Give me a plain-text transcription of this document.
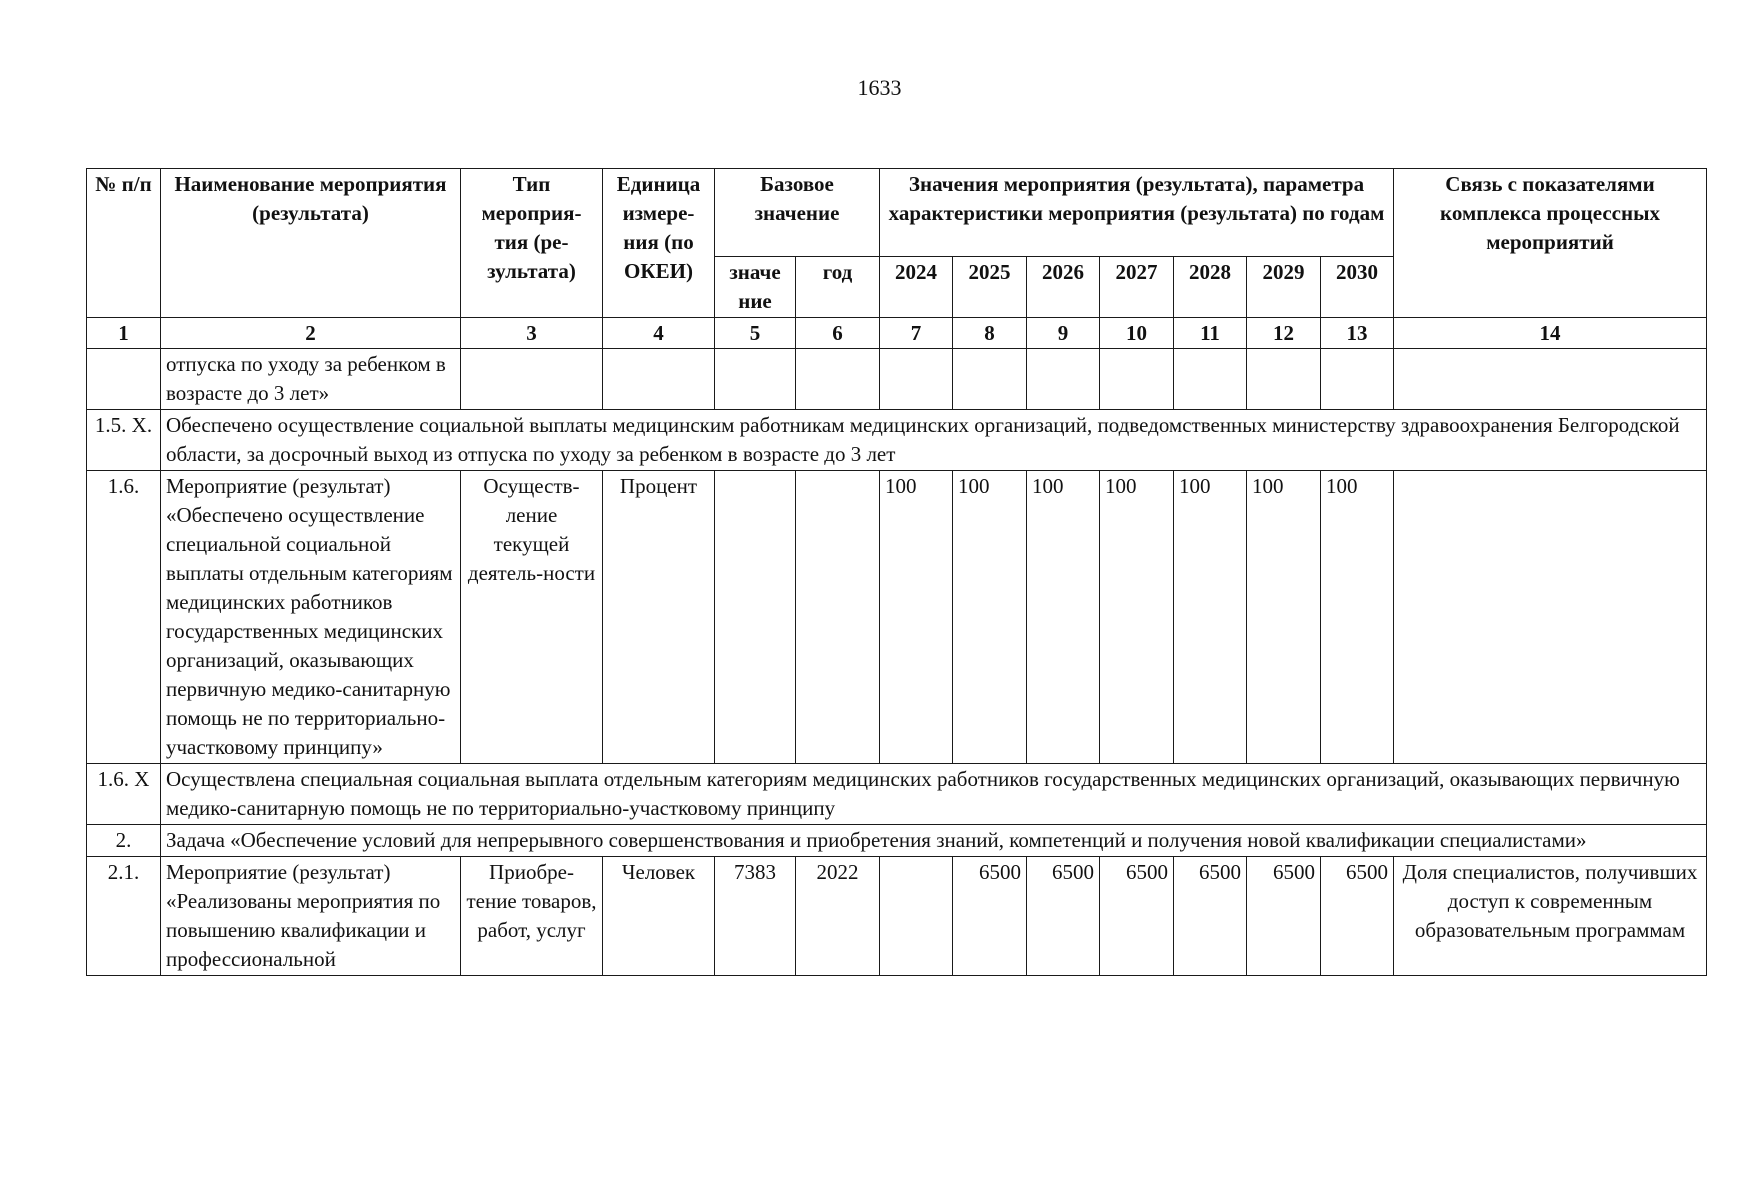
1633
№ п/п	Наименование мероприятия (результата)	Тип мероприя-тия (ре-зультата)	Единица измере-ния (по ОКЕИ)	Базовое значение		Значения мероприятия (результата), параметра характеристики мероприятия (результата) по годам							Связь с показателями комплекса процессных мероприятий
				значе ние	год	2024	2025	2026	2027	2028	2029	2030	
1	2	3	4	5	6	7	8	9	10	11	12	13	14
	отпуска по уходу за ребенком в возрасте до 3 лет»												
1.5. X.	Обеспечено осуществление социальной выплаты медицинским работникам медицинских организаций, подведомственных министерству здравоохранения Белгородской области, за досрочный выход из отпуска по уходу за ребенком в возрасте до 3 лет												
1.6.	Мероприятие (результат) «Обеспечено осуществление специальной социальной выплаты отдельным категориям медицинских работников государственных медицинских организаций, оказывающих первичную медико-санитарную помощь не по территориально-участковому принципу»	Осуществ-ление текущей деятель-ности	Процент			100	100	100	100	100	100	100	
1.6. X	Осуществлена специальная социальная выплата отдельным категориям медицинских работников государственных медицинских организаций, оказывающих первичную медико-санитарную помощь не по территориально-участковому принципу												
2.	Задача «Обеспечение условий для непрерывного совершенствования и приобретения знаний, компетенций и получения новой квалификации специалистами»												
2.1.	Мероприятие (результат) «Реализованы мероприятия по повышению квалификации и профессиональной	Приобре-тение товаров, работ, услуг	Человек	7383	2022		6500	6500	6500	6500	6500	6500	Доля специалистов, получивших доступ к современным образовательным программам
